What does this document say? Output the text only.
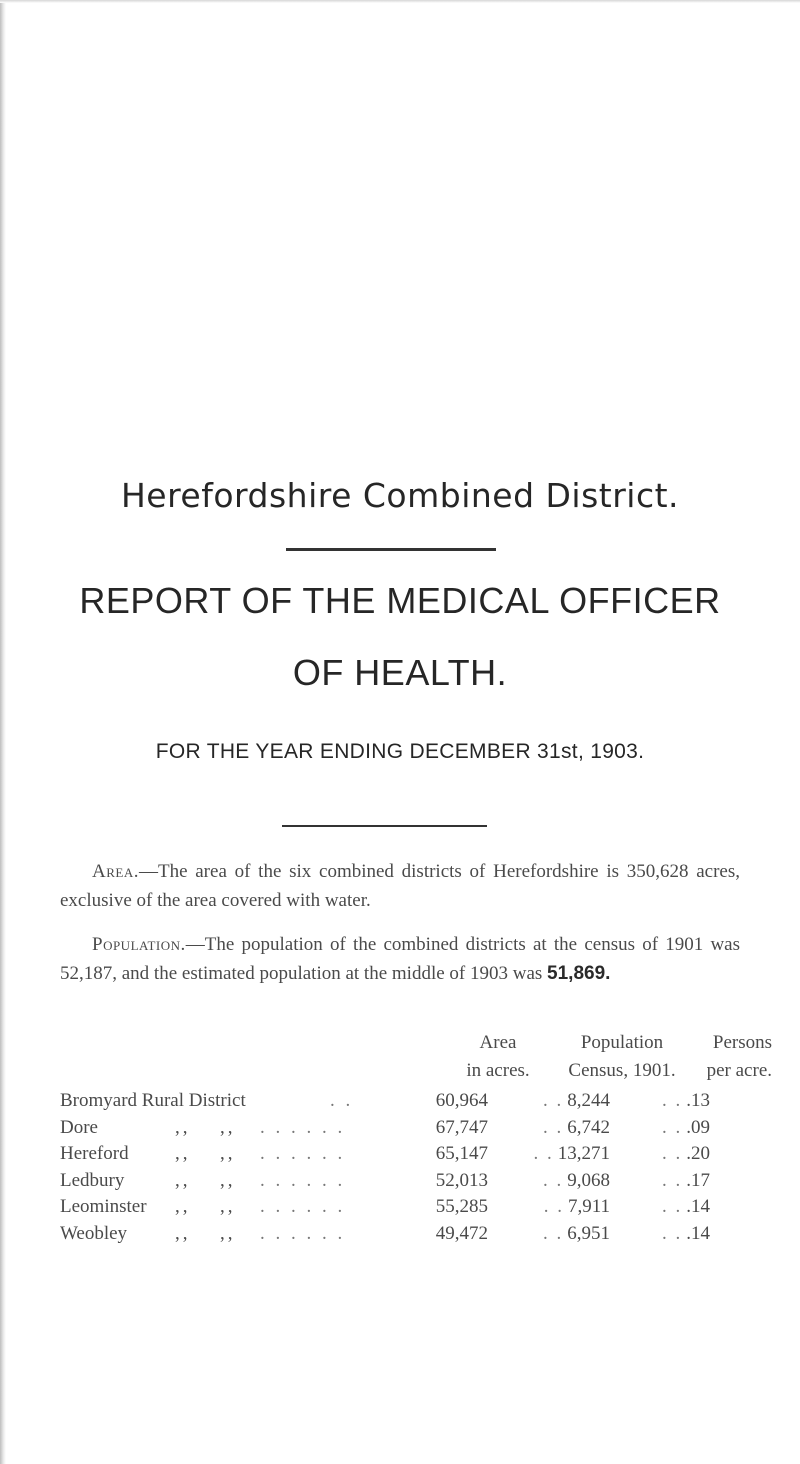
Herefordshire Combined District.
REPORT OF THE MEDICAL OFFICER
OF HEALTH.
FOR THE YEAR ENDING DECEMBER 31st, 1903.

Area.—The area of the six combined districts of Herefordshire is 350,628 acres, exclusive of the area covered with water.

Population.—The population of the combined districts at the census of 1901 was 52,187, and the estimated population at the middle of 1903 was 51,869.

Area	Population	Persons
in acres.	Census, 1901.	per acre.
Bromyard Rural District	. .	60,964	. . 8,244	. . .13
Dore	,, ,, . . . . . .	67,747	. . 6,742	. . .09
Hereford ,, ,, . . . . . .	65,147	. . 13,271	. . .20
Ledbury	,, ,, . . . . . .	52,013	. . 9,068	. . .17
Leominster ,, ,, . . . . . .	55,285	. . 7,911	. . .14
Weobley	,, ,, . . . . . .	49,472	. . 6,951	. . .14
